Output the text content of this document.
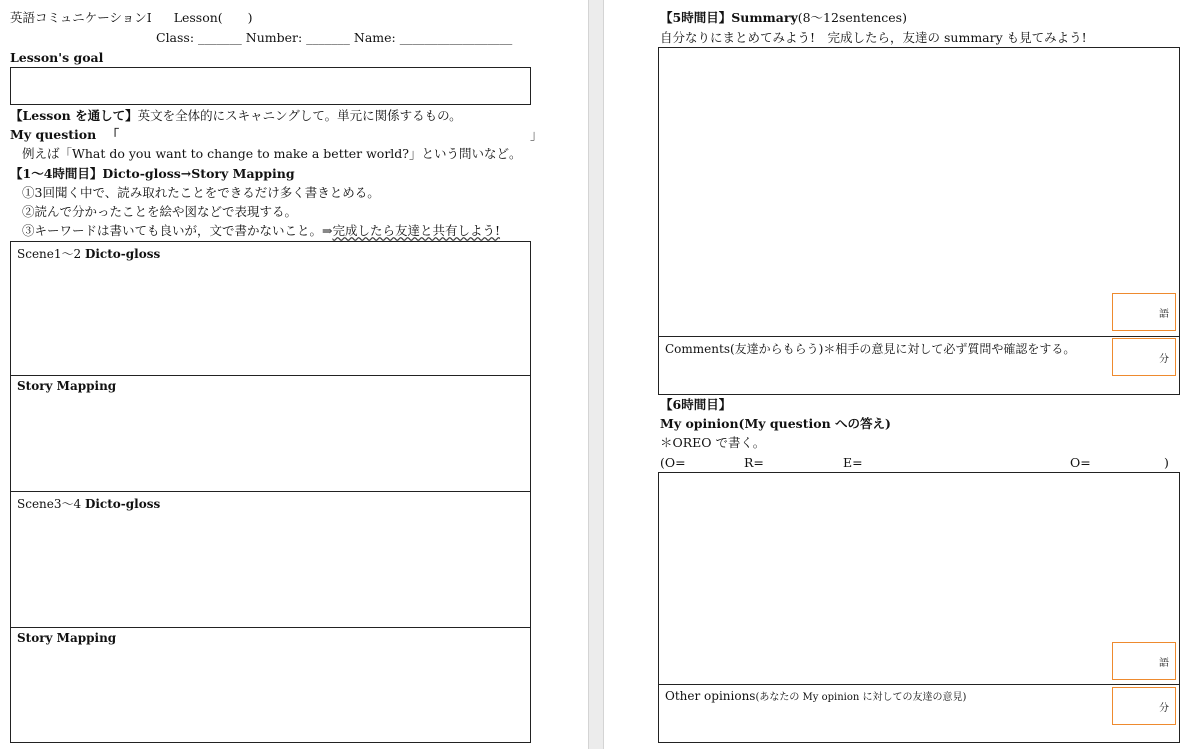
英語コミュニケーションⅠ Lesson(　　)
Class: _______ Number: _______ Name: __________________
Lesson's goal
【Lesson を通して】英文を全体的にスキャニングして。単元に関係するもの。
My question 「	」
例えば「What do you want to change to make a better world?」という問いなど。
【1〜4時間目】Dicto-gloss→Story Mapping
①3回聞く中で、読み取れたことをできるだけ多く書きとめる。
②読んで分かったことを絵や図などで表現する。
③キーワードは書いても良いが，文で書かないこと。⇒完成したら友達と共有しよう!
Scene1〜2 Dicto-gloss
Story Mapping
Scene3〜4 Dicto-gloss
Story Mapping
【5時間目】Summary(8〜12sentences)
自分なりにまとめてみよう!　完成したら，友達の summary も見てみよう!
語
Comments(友達からもらう)＊相手の意見に対して必ず質問や確認をする。
分
【6時間目】
My opinion(My question への答え)
＊OREO で書く。
(O=	R=	E=	O=	)
語
Other opinions(あなたの My opinion に対しての友達の意見)
分
